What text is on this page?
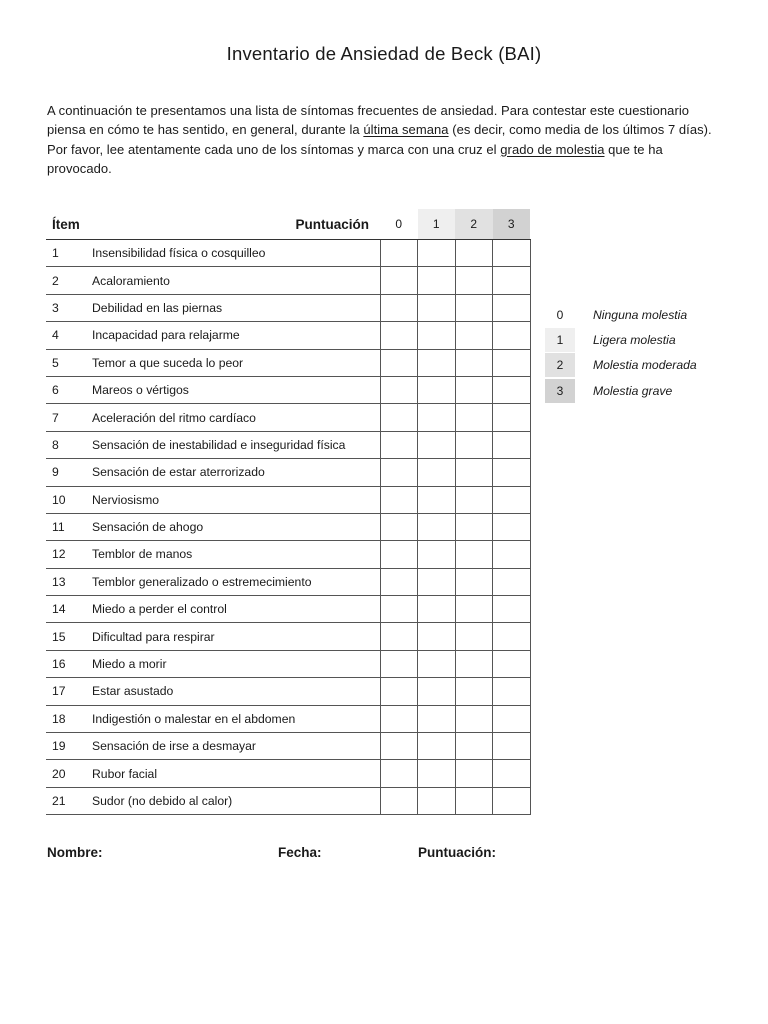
Inventario de Ansiedad de Beck (BAI)

A continuación te presentamos una lista de síntomas frecuentes de ansiedad. Para contestar este cuestionario piensa en cómo te has sentido, en general, durante la última semana (es decir, como media de los últimos 7 días). Por favor, lee atentamente cada uno de los síntomas y marca con una cruz el grado de molestia que te ha provocado.

Ítem	Puntuación	0	1	2	3
1	Insensibilidad física o cosquilleo				
2	Acaloramiento				
3	Debilidad en las piernas				
4	Incapacidad para relajarme				
5	Temor a que suceda lo peor				
6	Mareos o vértigos				
7	Aceleración del ritmo cardíaco				
8	Sensación de inestabilidad e inseguridad física				
9	Sensación de estar aterrorizado				
10	Nerviosismo				
11	Sensación de ahogo				
12	Temblor de manos				
13	Temblor generalizado o estremecimiento				
14	Miedo a perder el control				
15	Dificultad para respirar				
16	Miedo a morir				
17	Estar asustado				
18	Indigestión o malestar en el abdomen				
19	Sensación de irse a desmayar				
20	Rubor facial				
21	Sudor (no debido al calor)				
0	Ninguna molestia
1	Ligera molestia
2	Molestia moderada
3	Molestia grave
Nombre:	Fecha:	Puntuación:
